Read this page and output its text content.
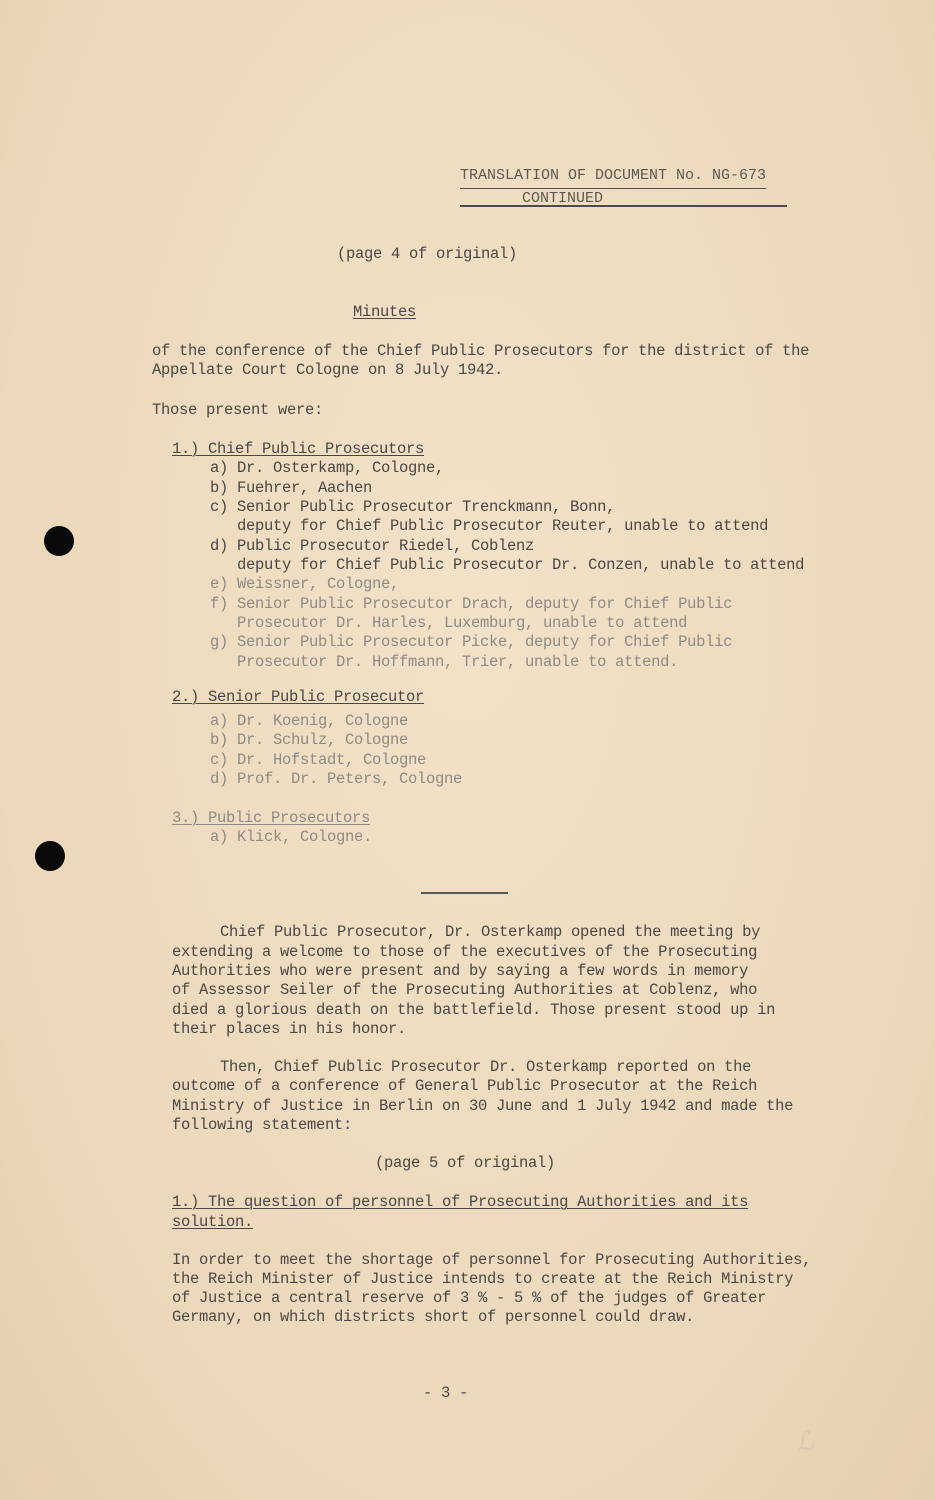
TRANSLATION OF DOCUMENT No. NG-673
CONTINUED
(page 4 of original)
Minutes
of the conference of the Chief Public Prosecutors for the district of the
Appellate Court Cologne on 8 July 1942.
Those present were:
1.) Chief Public Prosecutors
a) Dr. Osterkamp, Cologne,
b) Fuehrer, Aachen
c) Senior Public Prosecutor Trenckmann, Bonn,
deputy for Chief Public Prosecutor Reuter, unable to attend
d) Public Prosecutor Riedel, Coblenz
deputy for Chief Public Prosecutor Dr. Conzen, unable to attend
e) Weissner, Cologne,
f) Senior Public Prosecutor Drach, deputy for Chief Public
Prosecutor Dr. Harles, Luxemburg, unable to attend
g) Senior Public Prosecutor Picke, deputy for Chief Public
Prosecutor Dr. Hoffmann, Trier, unable to attend.
2.) Senior Public Prosecutor
a) Dr. Koenig, Cologne
b) Dr. Schulz, Cologne
c) Dr. Hofstadt, Cologne
d) Prof. Dr. Peters, Cologne
3.) Public Prosecutors
a) Klick, Cologne.
Chief Public Prosecutor, Dr. Osterkamp opened the meeting by
extending a welcome to those of the executives of the Prosecuting
Authorities who were present and by saying a few words in memory
of Assessor Seiler of the Prosecuting Authorities at Coblenz, who
died a glorious death on the battlefield. Those present stood up in
their places in his honor.
Then, Chief Public Prosecutor Dr. Osterkamp reported on the
outcome of a conference of General Public Prosecutor at the Reich
Ministry of Justice in Berlin on 30 June and 1 July 1942 and made the
following statement:
(page 5 of original)
1.) The question of personnel of Prosecuting Authorities and its
solution.
In order to meet the shortage of personnel for Prosecuting Authorities,
the Reich Minister of Justice intends to create at the Reich Ministry
of Justice a central reserve of 3 % - 5 % of the judges of Greater
Germany, on which districts short of personnel could draw.
- 3 -
ℒ
